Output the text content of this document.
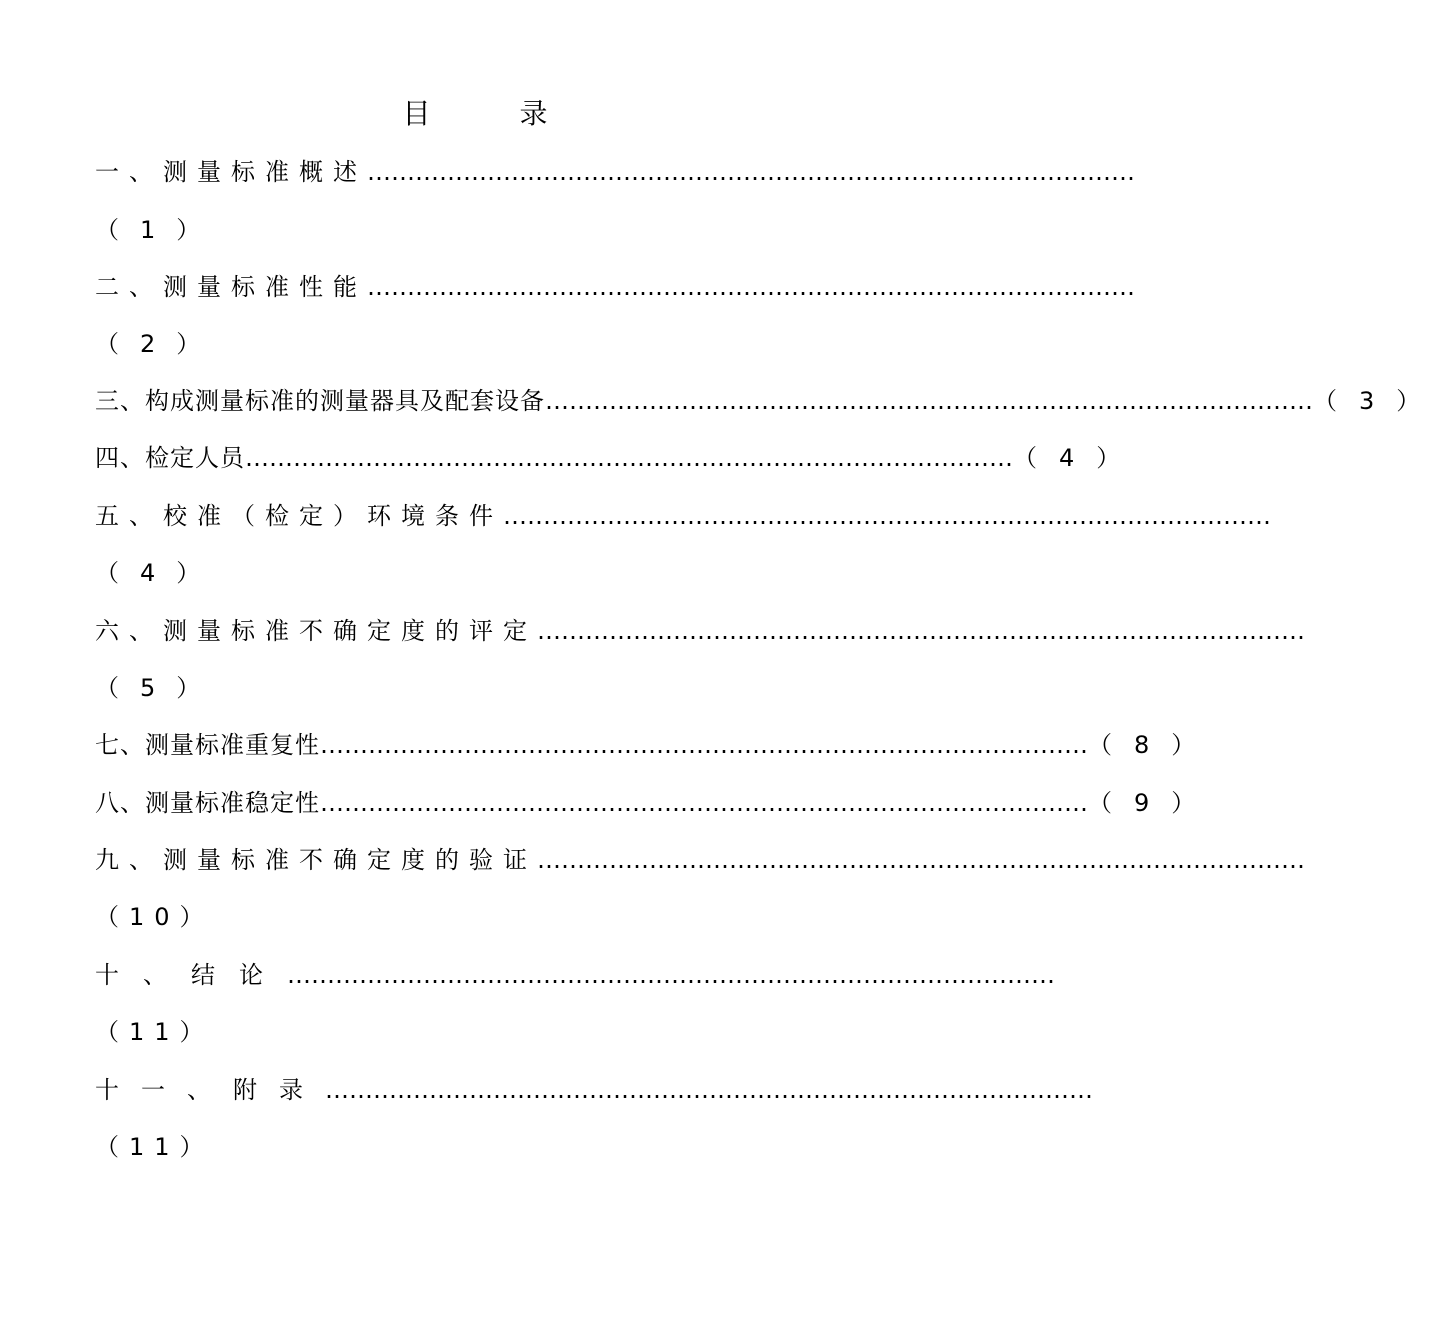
目 录
一、测量标准概述……………………………………………………………………………………
（1）
二、测量标准性能……………………………………………………………………………………
（2）
三、构成测量标准的测量器具及配套设备 …………………………………………………………………………………… （3）
四、检定人员 …………………………………………………………………………………… （4）
五、校准（检定）环境条件……………………………………………………………………………………
（4）
六、测量标准不确定度的评定……………………………………………………………………………………
（5）
七、测量标准重复性 …………………………………………………………………………………… （8）
八、测量标准稳定性 …………………………………………………………………………………… （9）
九、测量标准不确定度的验证……………………………………………………………………………………
（10）
十、结论……………………………………………………………………………………
（11）
十一、附录……………………………………………………………………………………
（11）
